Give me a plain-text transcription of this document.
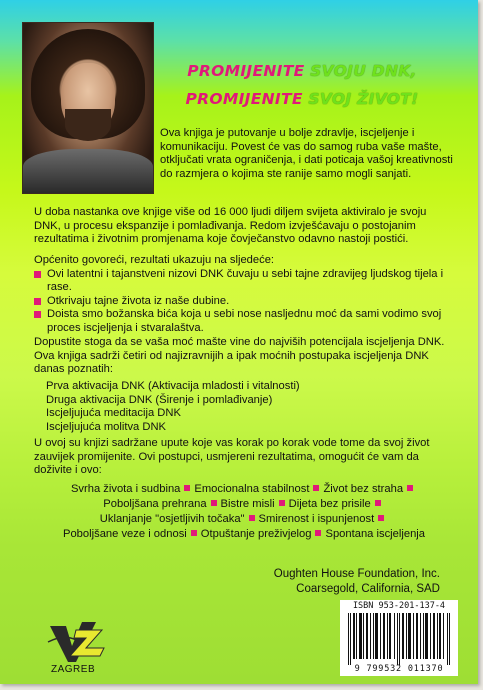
PROMIJENITE SVOJU DNK,
PROMIJENITE SVOJ ŽIVOT!
Ova knjiga je putovanje u bolje zdravlje, iscjeljenje i komunikaciju. Povest će vas do samog ruba vaše mašte, otključati vrata ograničenja, i dati poticaja vašoj kreativnosti do razmjera o kojima ste ranije samo mogli sanjati.
U doba nastanka ove knjige više od 16 000 ljudi diljem svijeta aktiviralo je svoju DNK, u procesu ekspanzije i pomlađivanja. Redom izvješćavaju o postojanim rezultatima i životnim promjenama koje čovječanstvo odavno nastoji postići.
Općenito govoreći, rezultati ukazuju na sljedeće:
Ovi latentni i tajanstveni nizovi DNK čuvaju u sebi tajne zdravijeg ljudskog tijela i rase.
Otkrivaju tajne života iz naše dubine.
Doista smo božanska bića koja u sebi nose nasljednu moć da sami vodimo svoj proces iscjeljenja i stvaralaštva.
Dopustite stoga da se vaša moć mašte vine do najviših potencijala iscjeljenja DNK. Ova knjiga sadrži četiri od najizravnijih a ipak moćnih postupaka iscjeljenja DNK danas poznatih:
Prva aktivacija DNK (Aktivacija mladosti i vitalnosti)
Druga aktivacija DNK (Širenje i pomlađivanje)
Iscjeljujuća meditacija DNK
Iscjeljujuća molitva DNK
U ovoj su knjizi sadržane upute koje vas korak po korak vode tome da svoj život zauvijek promijenite. Ovi postupci, usmjereni rezultatima, omogućit će vam da doživite i ovo:
Svrha života i sudbina Emocionalna stabilnost Život bez straha
Poboljšana prehrana Bistre misli Dijeta bez prisile
Uklanjanje "osjetljivih točaka" Smirenost i ispunjenost
Poboljšane veze i odnosi Otpuštanje preživjelog Spontana iscjeljenja
Oughten House Foundation, Inc.
Coarsegold, California, SAD
ZAGREB
ISBN 953-201-137-4
9 799532 011370
